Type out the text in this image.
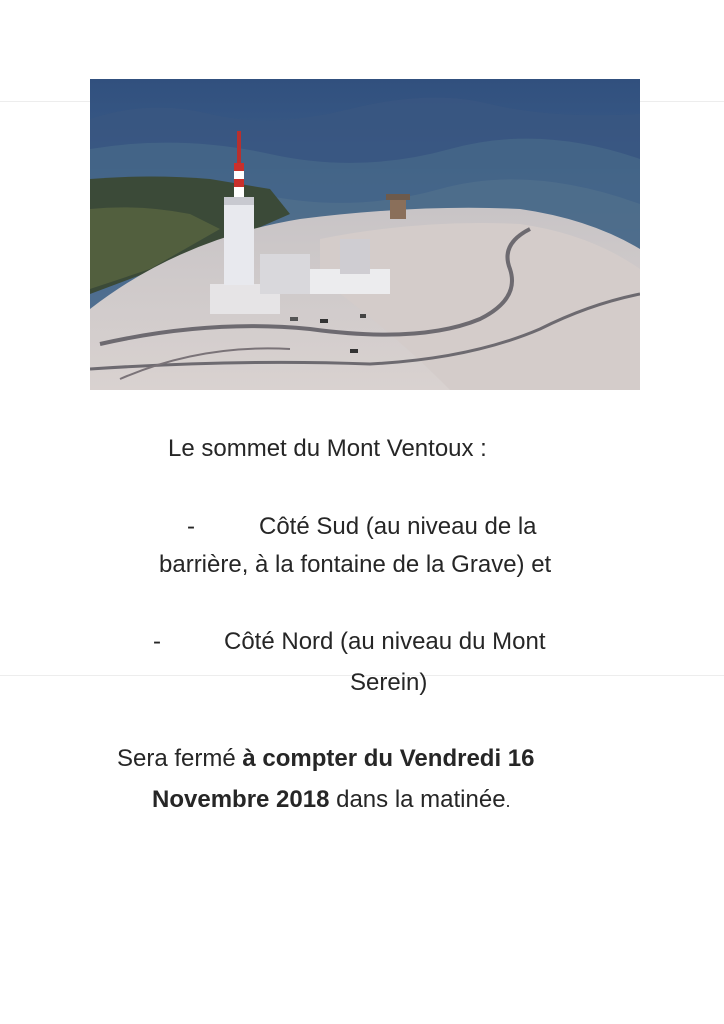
Le sommet du Mont Ventoux :
-	Côté Sud (au niveau de la
barrière, à la fontaine de la Grave) et
-	Côté Nord (au niveau du Mont
Serein)
Sera fermé à compter du Vendredi 16
Novembre 2018 dans la matinée.
